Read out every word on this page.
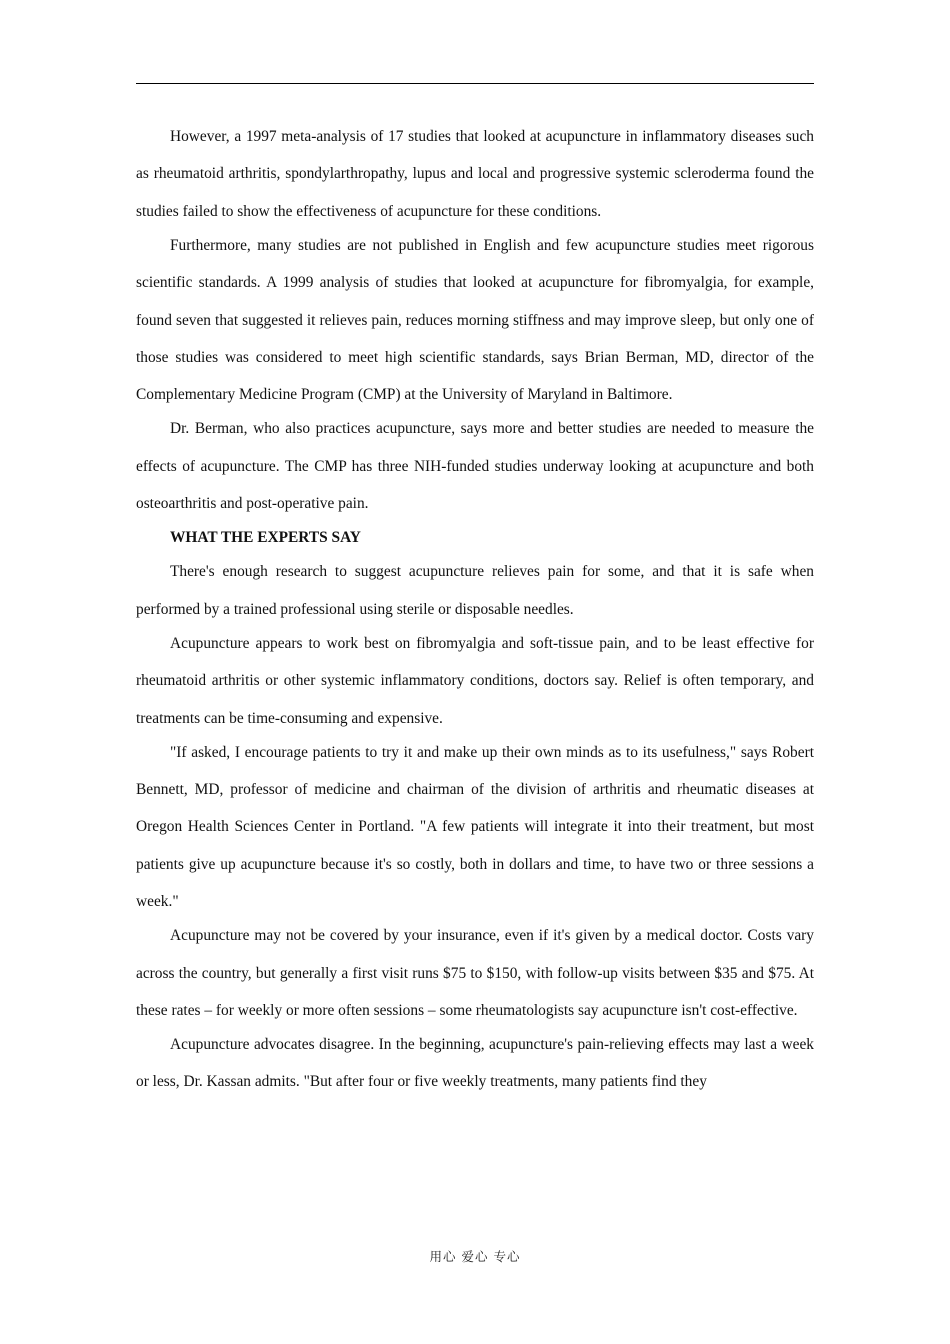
However, a 1997 meta-analysis of 17 studies that looked at acupuncture in inflammatory diseases such as rheumatoid arthritis, spondylarthropathy, lupus and local and progressive systemic scleroderma found the studies failed to show the effectiveness of acupuncture for these conditions.

Furthermore, many studies are not published in English and few acupuncture studies meet rigorous scientific standards. A 1999 analysis of studies that looked at acupuncture for fibromyalgia, for example, found seven that suggested it relieves pain, reduces morning stiffness and may improve sleep, but only one of those studies was considered to meet high scientific standards, says Brian Berman, MD, director of the Complementary Medicine Program (CMP) at the University of Maryland in Baltimore.

Dr. Berman, who also practices acupuncture, says more and better studies are needed to measure the effects of acupuncture. The CMP has three NIH-funded studies underway looking at acupuncture and both osteoarthritis and post-operative pain.

WHAT THE EXPERTS SAY

There's enough research to suggest acupuncture relieves pain for some, and that it is safe when performed by a trained professional using sterile or disposable needles.

Acupuncture appears to work best on fibromyalgia and soft-tissue pain, and to be least effective for rheumatoid arthritis or other systemic inflammatory conditions, doctors say. Relief is often temporary, and treatments can be time-consuming and expensive.

"If asked, I encourage patients to try it and make up their own minds as to its usefulness," says Robert Bennett, MD, professor of medicine and chairman of the division of arthritis and rheumatic diseases at Oregon Health Sciences Center in Portland. "A few patients will integrate it into their treatment, but most patients give up acupuncture because it's so costly, both in dollars and time, to have two or three sessions a week."

Acupuncture may not be covered by your insurance, even if it's given by a medical doctor. Costs vary across the country, but generally a first visit runs $75 to $150, with follow-up visits between $35 and $75. At these rates – for weekly or more often sessions – some rheumatologists say acupuncture isn't cost-effective.

Acupuncture advocates disagree. In the beginning, acupuncture's pain-relieving effects may last a week or less, Dr. Kassan admits. "But after four or five weekly treatments, many patients find they

用心 爱心 专心
